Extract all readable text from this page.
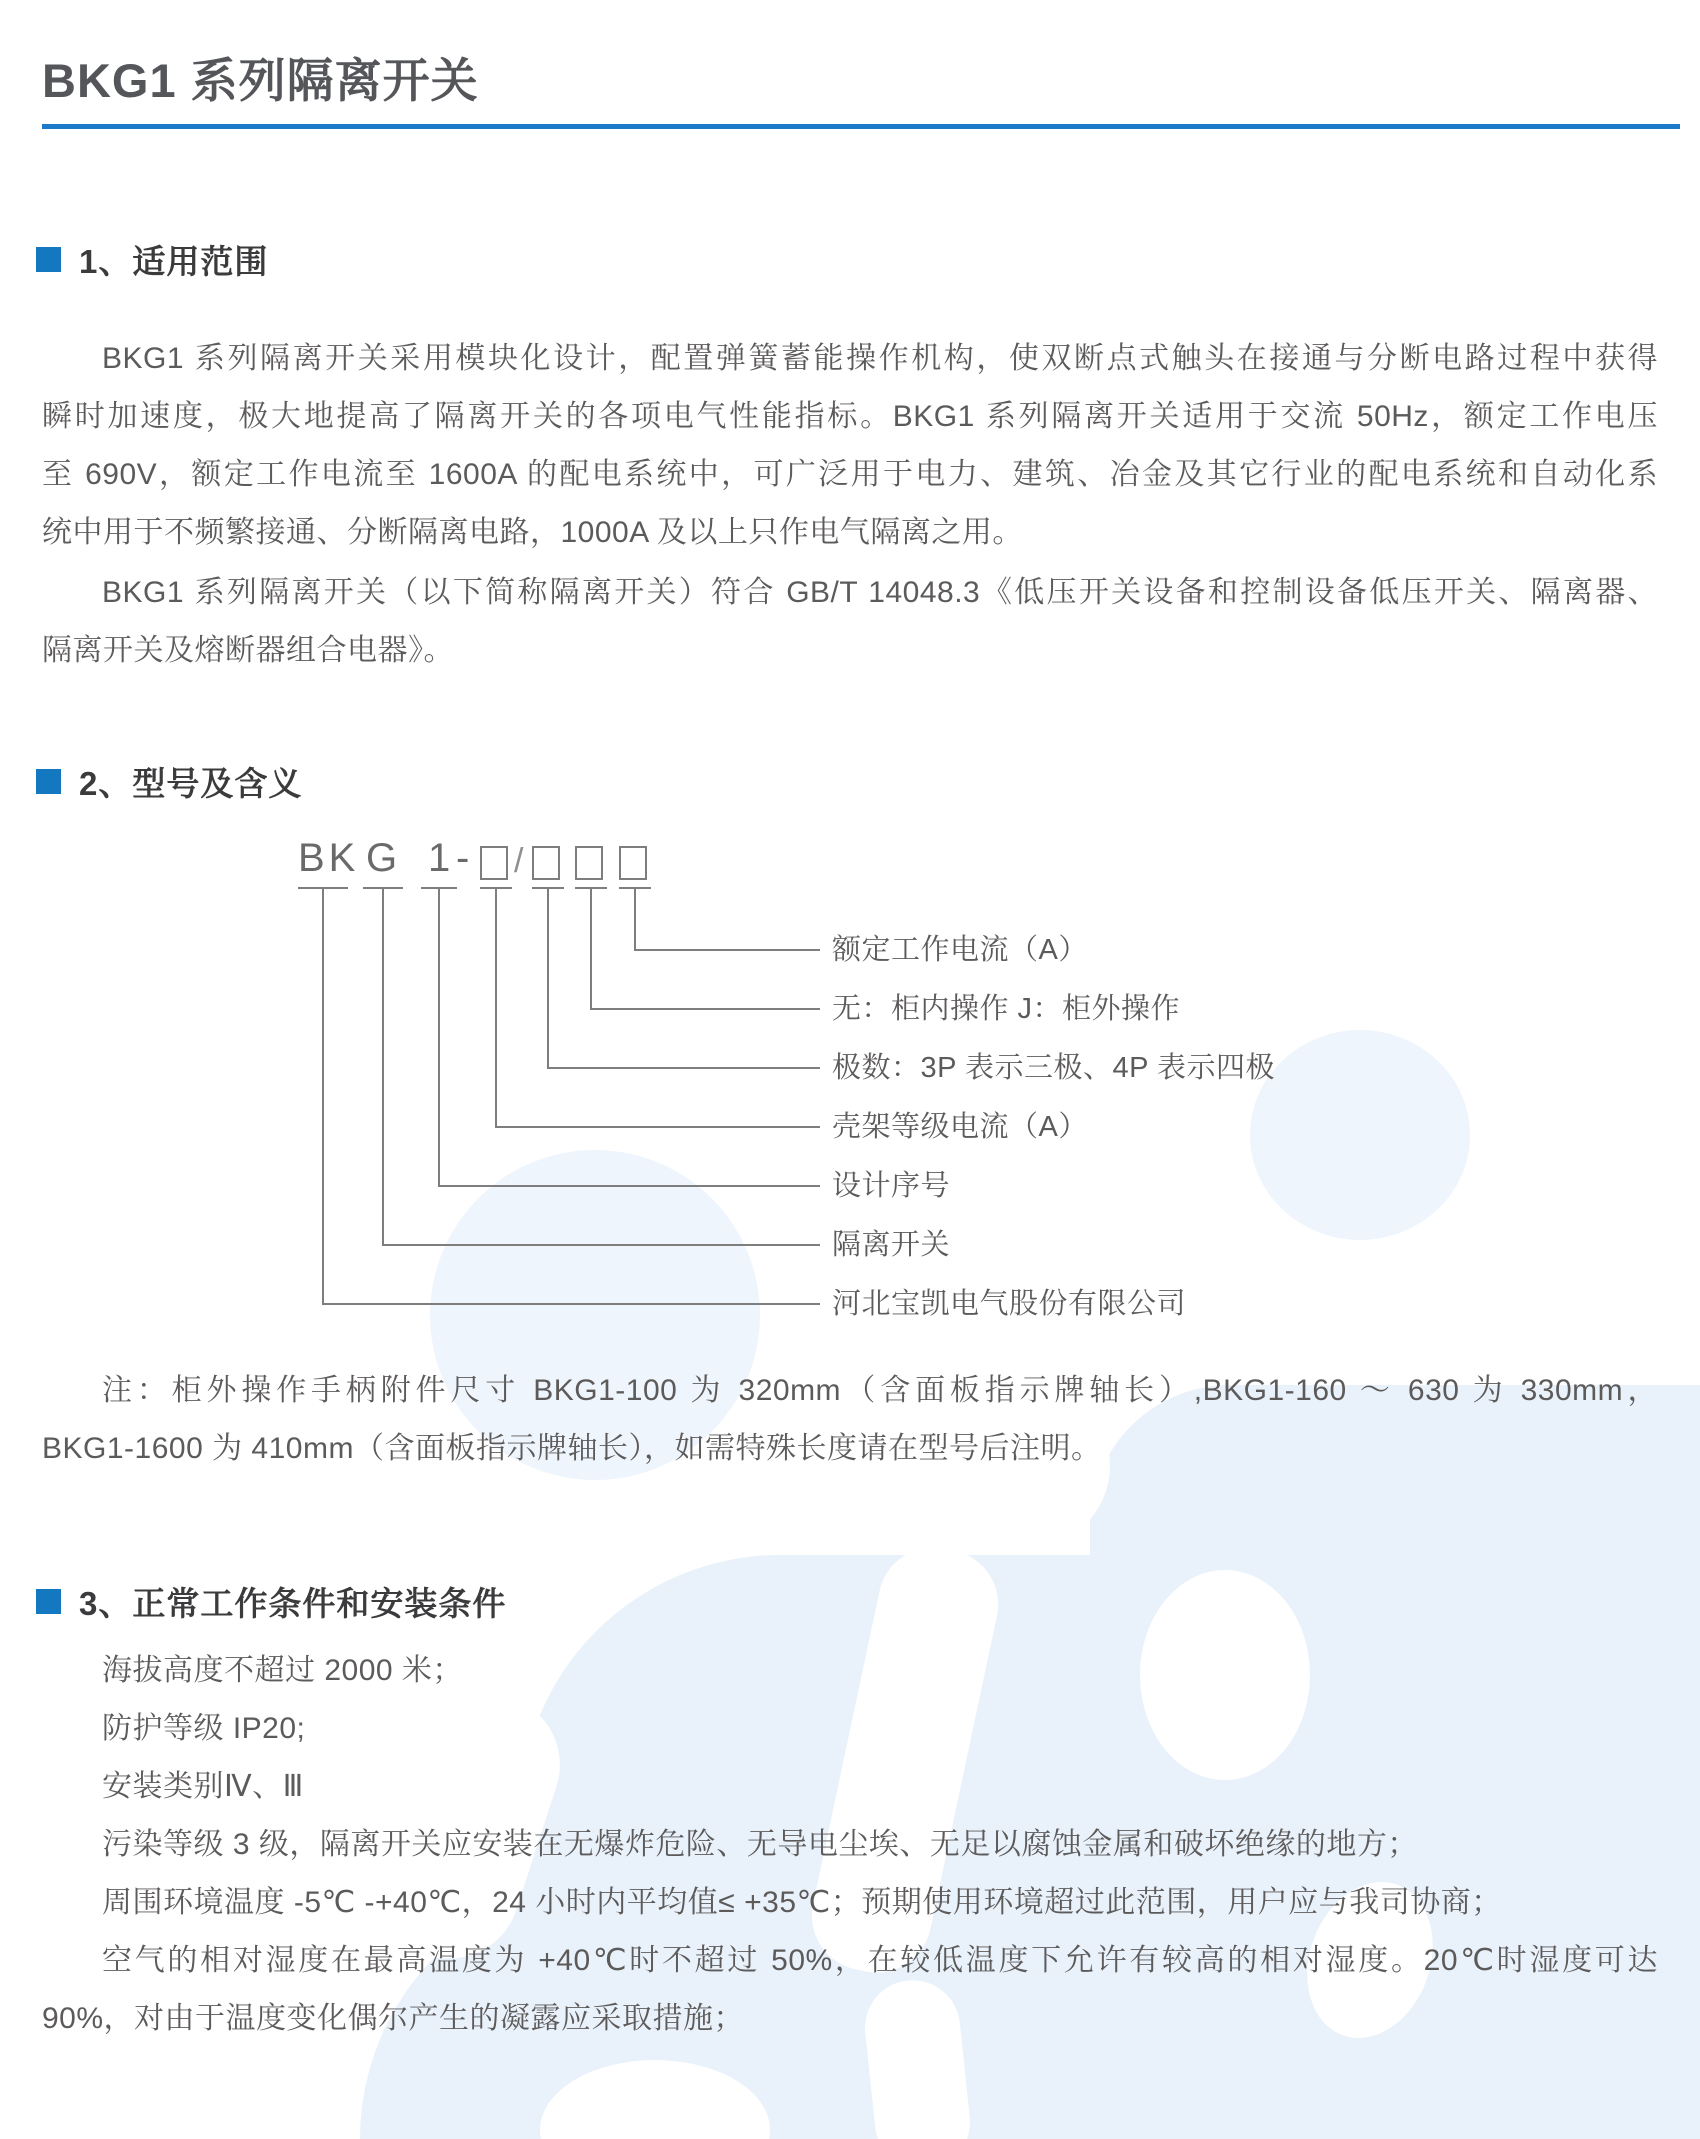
BKG1 系列隔离开关
1、适用范围
BKG1 系列隔离开关采用模块化设计，配置弹簧蓄能操作机构，使双断点式触头在接通与分断电路过程中获得
瞬时加速度，极大地提高了隔离开关的各项电气性能指标。BKG1 系列隔离开关适用于交流 50Hz，额定工作电压
至 690V，额定工作电流至 1600A 的配电系统中，可广泛用于电力、建筑、冶金及其它行业的配电系统和自动化系
统中用于不频繁接通、分断隔离电路，1000A 及以上只作电气隔离之用。
BKG1 系列隔离开关（以下简称隔离开关）符合 GB/T 14048.3《低压开关设备和控制设备低压开关、隔离器、
隔离开关及熔断器组合电器》。
2、型号及含义
BK G 1 - /
额定工作电流（A）
无：柜内操作 J：柜外操作
极数：3P 表示三极、4P 表示四极
壳架等级电流（A）
设计序号
隔离开关
河北宝凯电气股份有限公司
注：柜外操作手柄附件尺寸 BKG1-100 为 320mm（含面板指示牌轴长）,BKG1-160 ～ 630 为 330mm，
BKG1-1600 为 410mm（含面板指示牌轴长），如需特殊长度请在型号后注明。
3、正常工作条件和安装条件
海拔高度不超过 2000 米；
防护等级 IP20;
安装类别Ⅳ、Ⅲ
污染等级 3 级，隔离开关应安装在无爆炸危险、无导电尘埃、无足以腐蚀金属和破坏绝缘的地方；
周围环境温度 -5℃ -+40℃，24 小时内平均值≤ +35℃；预期使用环境超过此范围，用户应与我司协商；
空气的相对湿度在最高温度为 +40℃时不超过 50%，在较低温度下允许有较高的相对湿度。20℃时湿度可达
90%，对由于温度变化偶尔产生的凝露应采取措施；
